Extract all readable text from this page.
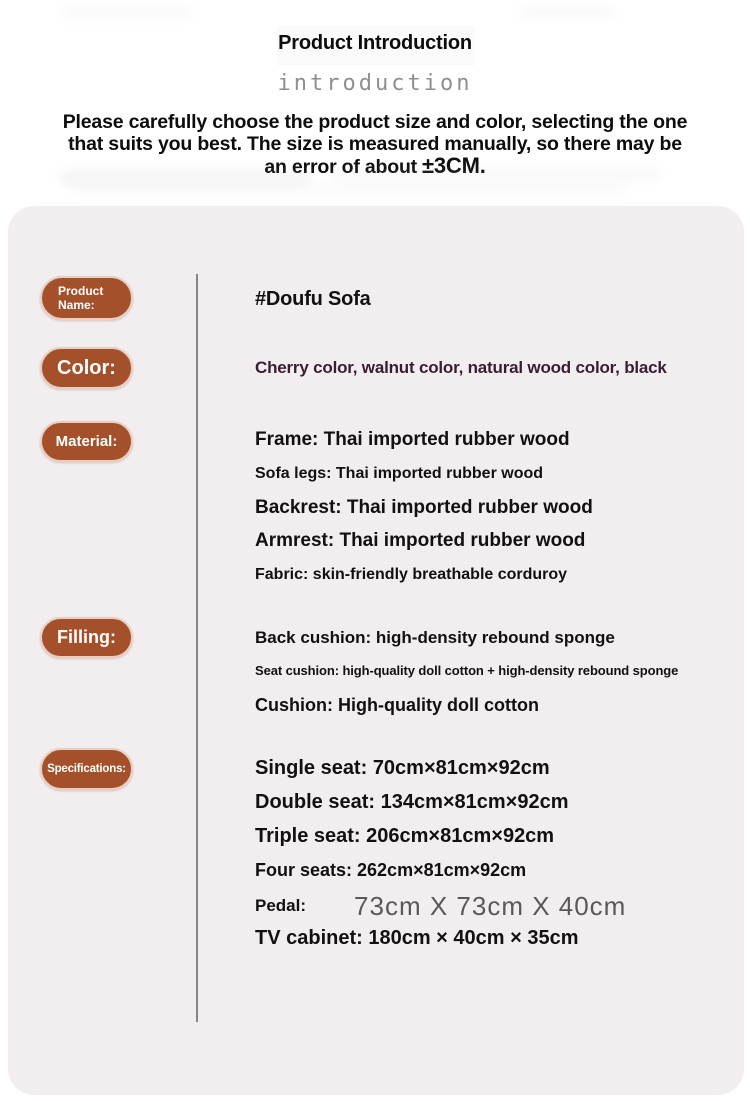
Product Introduction
introduction
Please carefully choose the product size and color, selecting the one
that suits you best. The size is measured manually, so there may be
an error of about ±3CM.
Product Name:
Color:
Material:
Filling:
Specifications:
#Doufu Sofa
Cherry color, walnut color, natural wood color, black
Frame: Thai imported rubber wood
Sofa legs: Thai imported rubber wood
Backrest: Thai imported rubber wood
Armrest: Thai imported rubber wood
Fabric: skin-friendly breathable corduroy
Back cushion: high-density rebound sponge
Seat cushion: high-quality doll cotton + high-density rebound sponge
Cushion: High-quality doll cotton
Single seat: 70cm×81cm×92cm
Double seat: 134cm×81cm×92cm
Triple seat: 206cm×81cm×92cm
Four seats: 262cm×81cm×92cm
Pedal: 73cm X 73cm X 40cm
TV cabinet: 180cm × 40cm × 35cm
